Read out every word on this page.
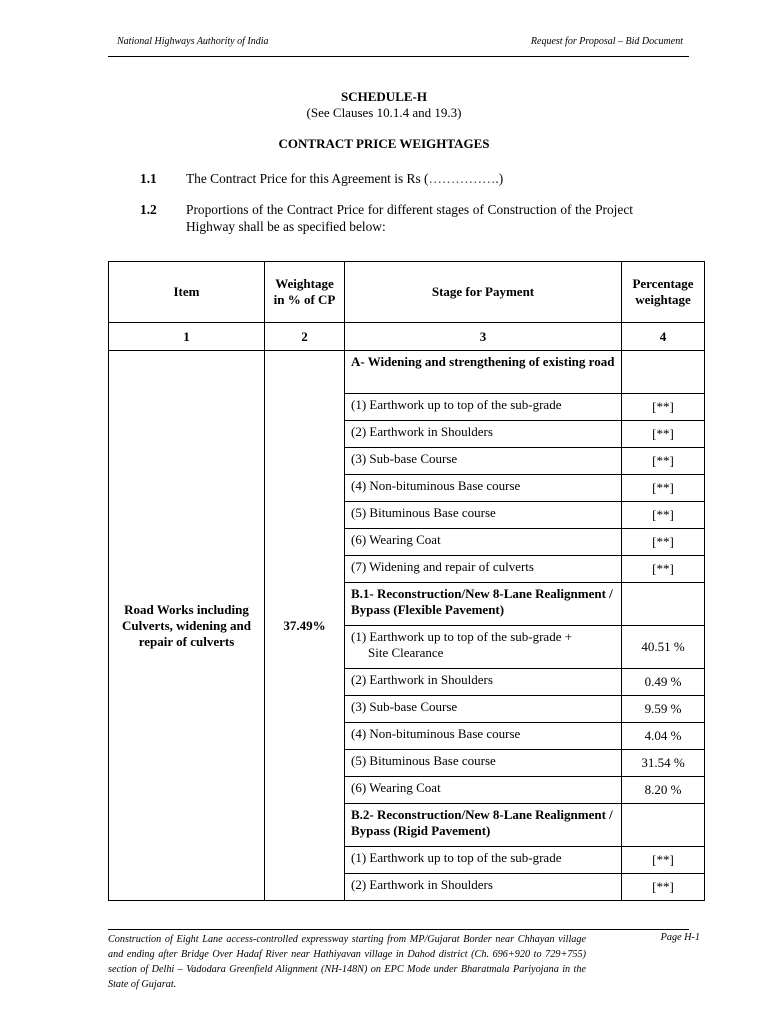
National Highways Authority of India	Request for Proposal – Bid Document
SCHEDULE-H
(See Clauses 10.1.4 and 19.3)
CONTRACT PRICE WEIGHTAGES
1.1 The Contract Price for this Agreement is Rs (…………….)
1.2 Proportions of the Contract Price for different stages of Construction of the Project Highway shall be as specified below:
Item	Weightage in % of CP	Stage for Payment	Percentage weightage
1	2	3	4
Road Works including Culverts, widening and repair of culverts	37.49%	A- Widening and strengthening of existing road	
		(1) Earthwork up to top of the sub-grade	[**]
		(2) Earthwork in Shoulders	[**]
		(3) Sub-base Course	[**]
		(4) Non-bituminous Base course	[**]
		(5) Bituminous Base course	[**]
		(6) Wearing Coat	[**]
		(7) Widening and repair of culverts	[**]
		B.1- Reconstruction/New 8-Lane Realignment / Bypass (Flexible Pavement)	
		(1) Earthwork up to top of the sub-grade +
Site Clearance	40.51 %
		(2) Earthwork in Shoulders	0.49 %
		(3) Sub-base Course	9.59 %
		(4) Non-bituminous Base course	4.04 %
		(5) Bituminous Base course	31.54 %
		(6) Wearing Coat	8.20 %
		B.2- Reconstruction/New 8-Lane Realignment / Bypass (Rigid Pavement)	
		(1) Earthwork up to top of the sub-grade	[**]
		(2) Earthwork in Shoulders	[**]
Construction of Eight Lane access-controlled expressway starting from MP/Gujarat Border near Chhayan village and ending after Bridge Over Hadaf River near Hathiyavan village in Dahod district (Ch. 696+920 to 729+755) section of Delhi – Vadodara Greenfield Alignment (NH-148N) on EPC Mode under Bharatmala Pariyojana in the State of Gujarat.
Page H-1
